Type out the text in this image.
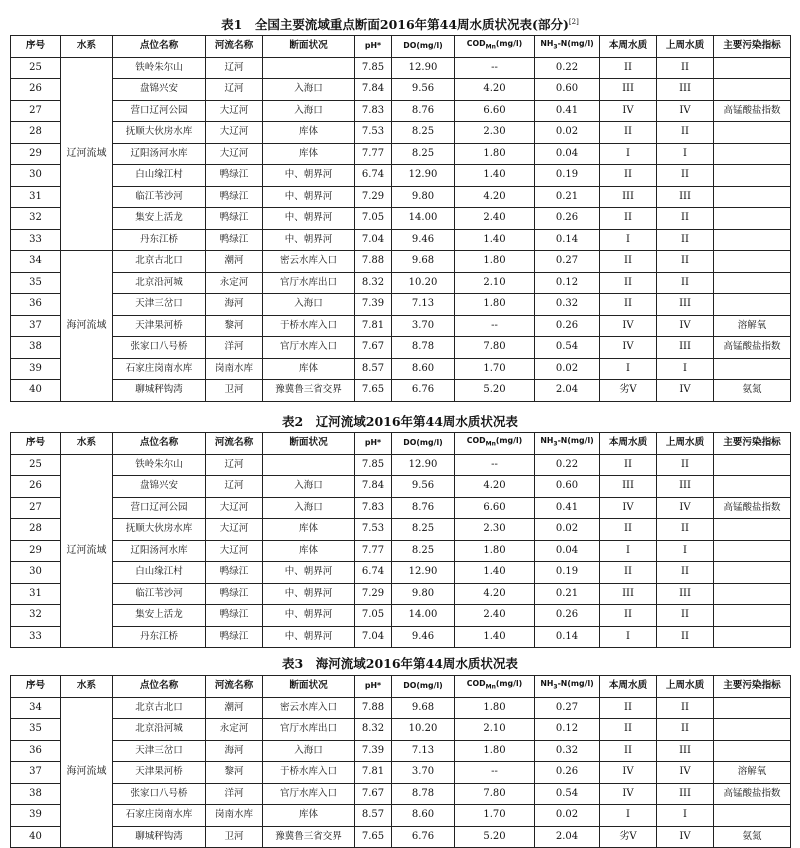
表1　全国主要流域重点断面2016年第44周水质状况表(部分)[2]
序号	水系	点位名称	河流名称	断面状况	pH*	DO(mg/l)	$COD_{Mn}(mg/l)$	$NH_3-N(mg/l)$	本周水质	上周水质	主要污染指标
25	辽河流域	铁岭朱尔山	辽河		7.85	12.90	--	0.22	II	II	
26		盘锦兴安	辽河	入海口	7.84	9.56	4.20	0.60	III	III	
27		营口辽河公园	大辽河	入海口	7.83	8.76	6.60	0.41	IV	IV	高锰酸盐指数
28		抚顺大伙房水库	大辽河	库体	7.53	8.25	2.30	0.02	II	II	
29		辽阳汤河水库	大辽河	库体	7.77	8.25	1.80	0.04	I	I	
30		白山缘江村	鸭绿江	中、朝界河	6.74	12.90	1.40	0.19	II	II	
31		临江苇沙河	鸭绿江	中、朝界河	7.29	9.80	4.20	0.21	III	III	
32		集安上活龙	鸭绿江	中、朝界河	7.05	14.00	2.40	0.26	II	II	
33		丹东江桥	鸭绿江	中、朝界河	7.04	9.46	1.40	0.14	I	II	
34	海河流域	北京古北口	潮河	密云水库入口	7.88	9.68	1.80	0.27	II	II	
35		北京沿河城	永定河	官厅水库出口	8.32	10.20	2.10	0.12	II	II	
36		天津三岔口	海河	入海口	7.39	7.13	1.80	0.32	II	III	
37		天津果河桥	黎河	于桥水库入口	7.81	3.70	--	0.26	IV	IV	溶解氧
38		张家口八号桥	洋河	官厅水库入口	7.67	8.78	7.80	0.54	IV	III	高锰酸盐指数
39		石家庄岗南水库	岗南水库	库体	8.57	8.60	1.70	0.02	I	I	
40		聊城秤钩湾	卫河	豫冀鲁三省交界	7.65	6.76	5.20	2.04	劣V	IV	氨氮
表2　辽河流域2016年第44周水质状况表
序号	水系	点位名称	河流名称	断面状况	pH*	DO(mg/l)	$COD_{Mn}(mg/l)$	$NH_3-N(mg/l)$	本周水质	上周水质	主要污染指标
25	辽河流域	铁岭朱尔山	辽河		7.85	12.90	--	0.22	II	II	
26		盘锦兴安	辽河	入海口	7.84	9.56	4.20	0.60	III	III	
27		营口辽河公园	大辽河	入海口	7.83	8.76	6.60	0.41	IV	IV	高锰酸盐指数
28		抚顺大伙房水库	大辽河	库体	7.53	8.25	2.30	0.02	II	II	
29		辽阳汤河水库	大辽河	库体	7.77	8.25	1.80	0.04	I	I	
30		白山缘江村	鸭绿江	中、朝界河	6.74	12.90	1.40	0.19	II	II	
31		临江苇沙河	鸭绿江	中、朝界河	7.29	9.80	4.20	0.21	III	III	
32		集安上活龙	鸭绿江	中、朝界河	7.05	14.00	2.40	0.26	II	II	
33		丹东江桥	鸭绿江	中、朝界河	7.04	9.46	1.40	0.14	I	II	
表3　海河流域2016年第44周水质状况表
序号	水系	点位名称	河流名称	断面状况	pH*	DO(mg/l)	$COD_{Mn}(mg/l)$	$NH_3-N(mg/l)$	本周水质	上周水质	主要污染指标
34	海河流域	北京古北口	潮河	密云水库入口	7.88	9.68	1.80	0.27	II	II	
35		北京沿河城	永定河	官厅水库出口	8.32	10.20	2.10	0.12	II	II	
36		天津三岔口	海河	入海口	7.39	7.13	1.80	0.32	II	III	
37		天津果河桥	黎河	于桥水库入口	7.81	3.70	--	0.26	IV	IV	溶解氧
38		张家口八号桥	洋河	官厅水库入口	7.67	8.78	7.80	0.54	IV	III	高锰酸盐指数
39		石家庄岗南水库	岗南水库	库体	8.57	8.60	1.70	0.02	I	I	
40		聊城秤钩湾	卫河	豫冀鲁三省交界	7.65	6.76	5.20	2.04	劣V	IV	氨氮
